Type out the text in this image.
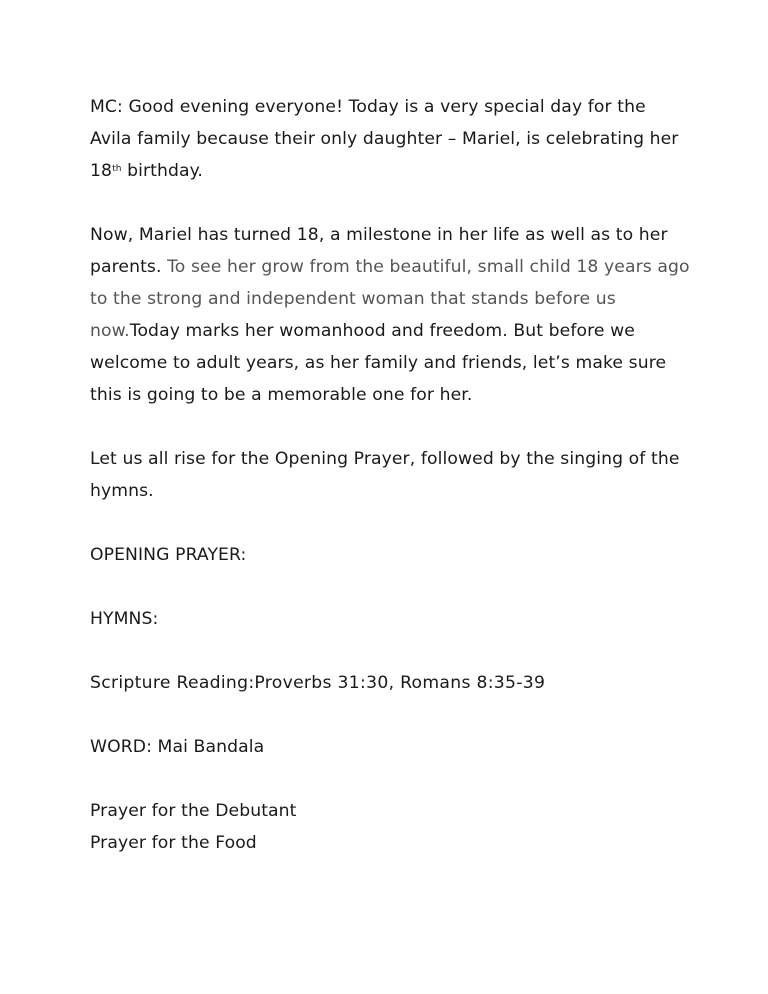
MC: Good evening everyone! Today is a very special day for the Avila family because their only daughter – Mariel, is celebrating her 18th birthday.

Now, Mariel has turned 18, a milestone in her life as well as to her parents. To see her grow from the beautiful, small child 18 years ago to the strong and independent woman that stands before us now.Today marks her womanhood and freedom. But before we welcome to adult years, as her family and friends, let’s make sure this is going to be a memorable one for her.

Let us all rise for the Opening Prayer, followed by the singing of the hymns.

OPENING PRAYER:

HYMNS:

Scripture Reading:Proverbs 31:30, Romans 8:35-39

WORD: Mai Bandala

Prayer for the Debutant

Prayer for the Food
